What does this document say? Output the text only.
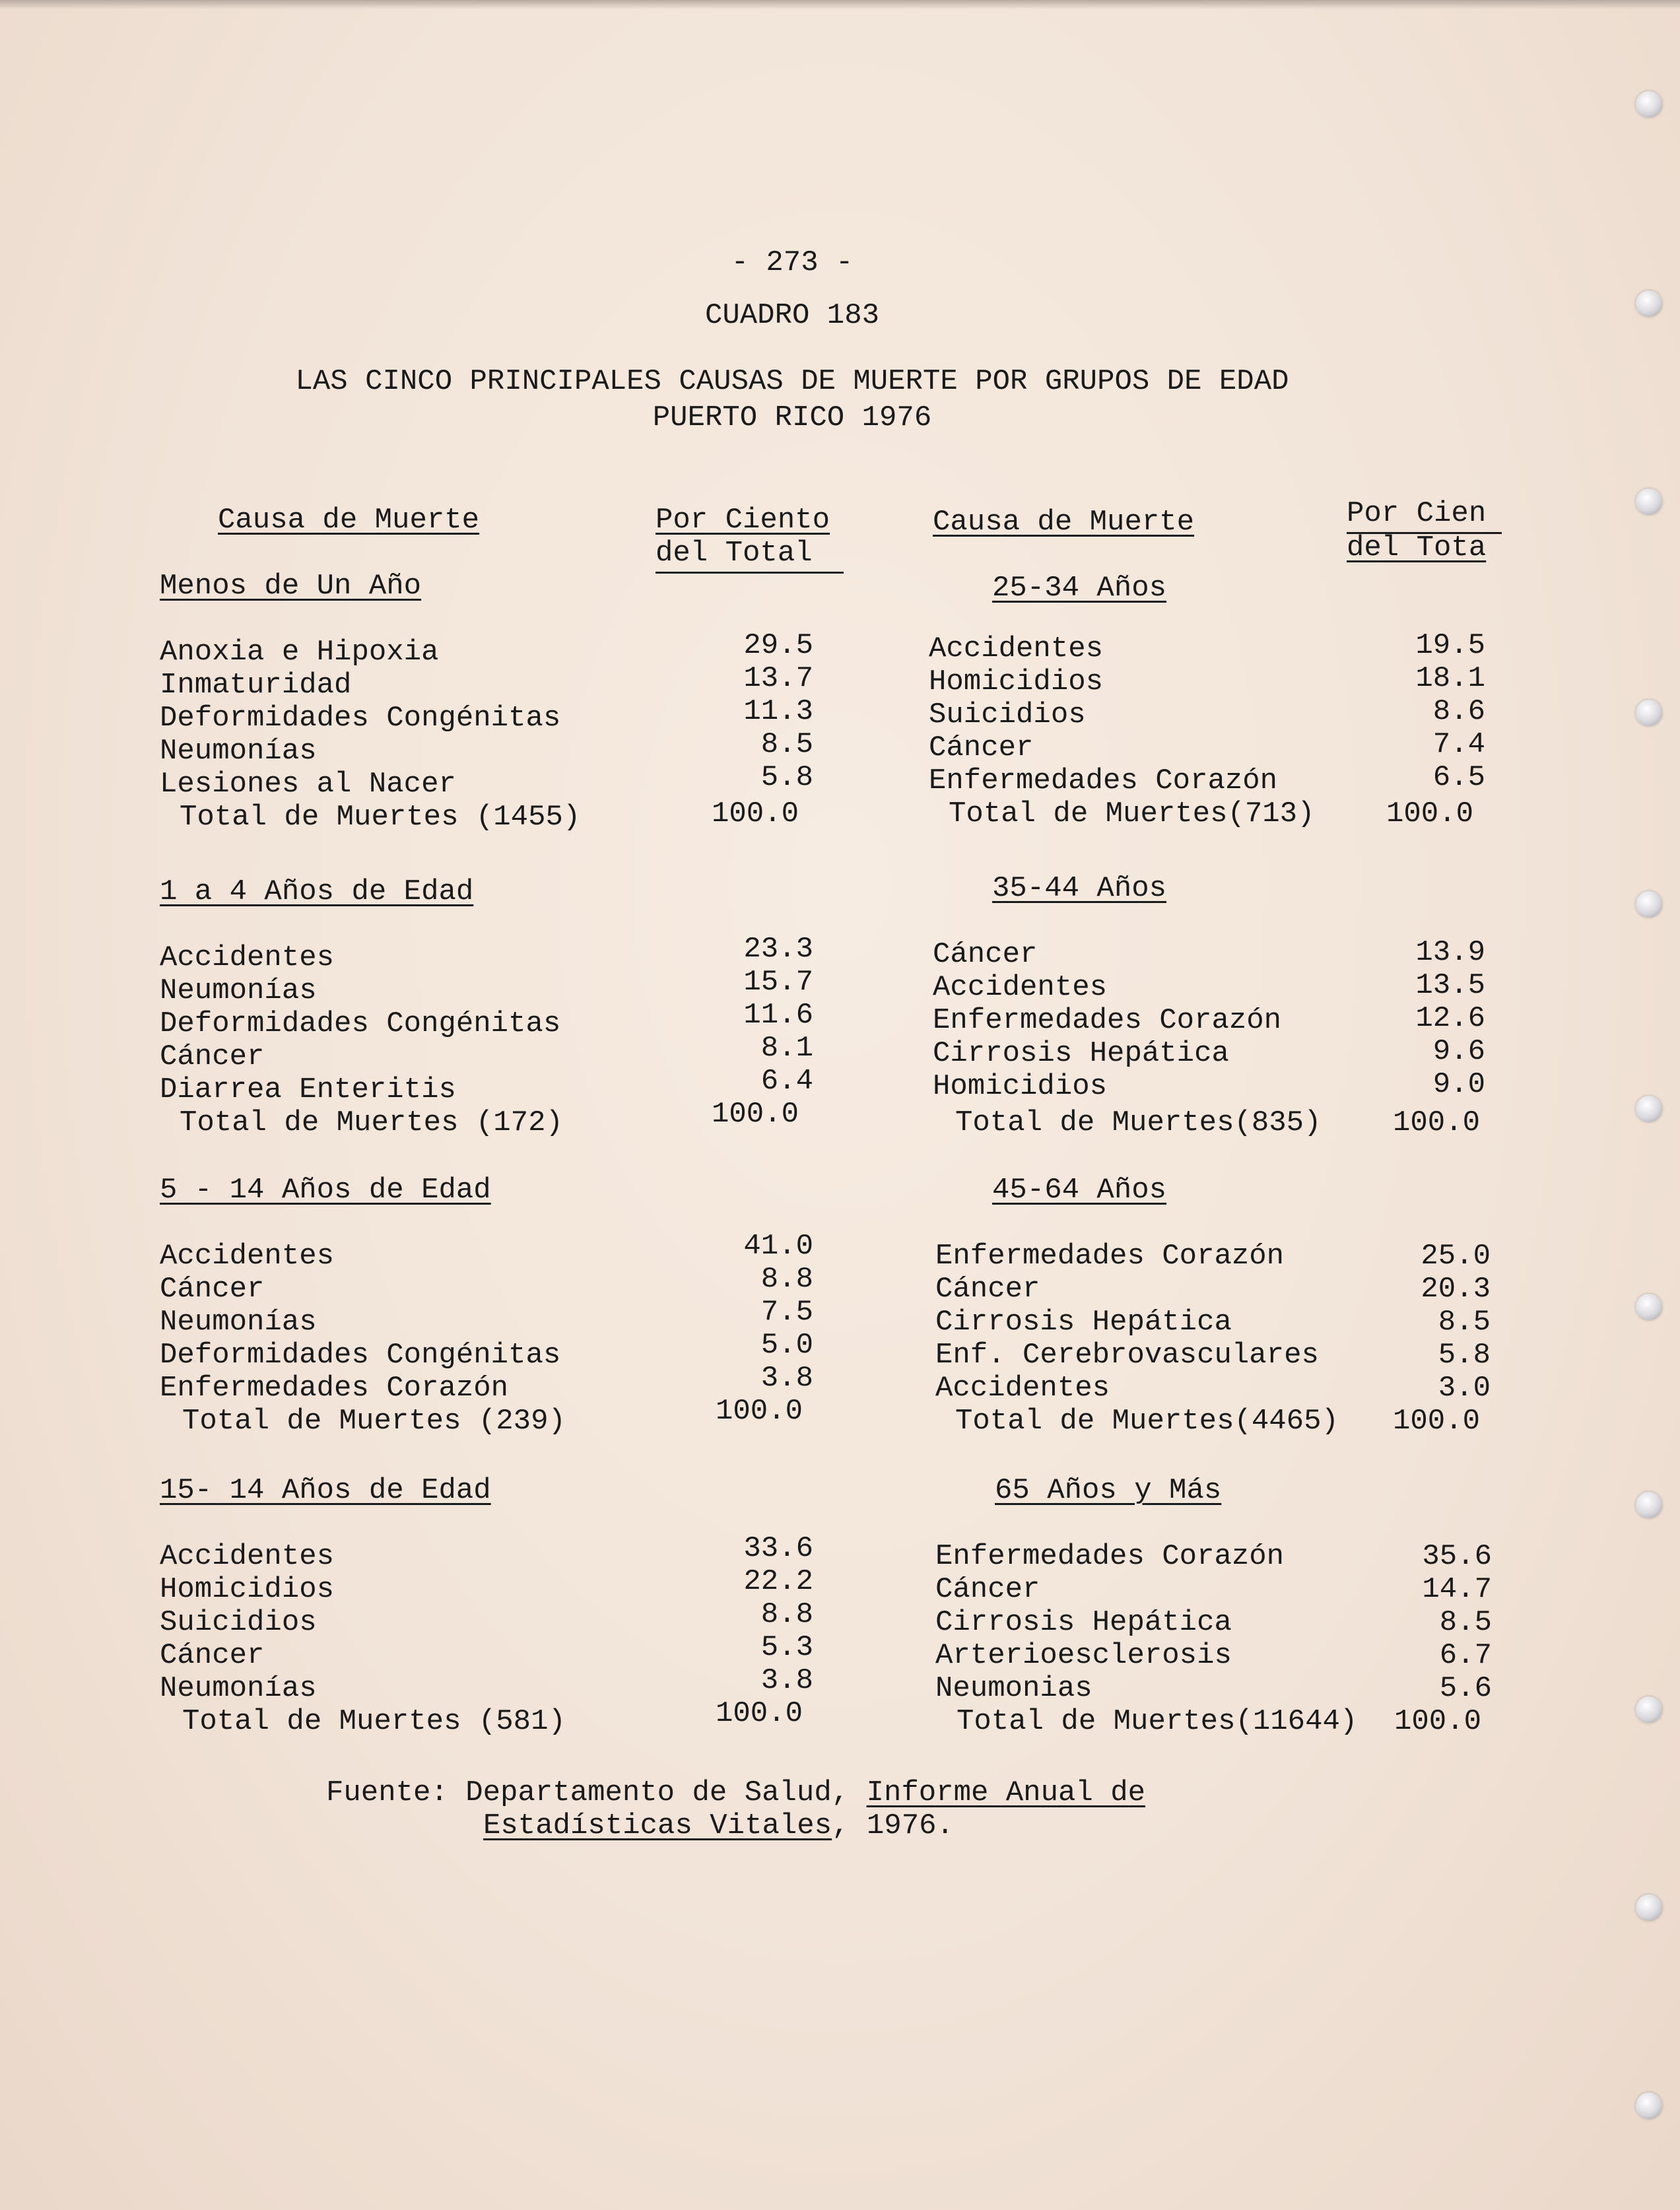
- 273 -
CUADRO 183
LAS CINCO PRINCIPALES CAUSAS DE MUERTE POR GRUPOS DE EDAD
PUERTO RICO 1976
Causa de Muerte	Por Ciento
del Total
Causa de Muerte	Por Cien
del Tota
Menos de Un Año
Anoxia e Hipoxia	29.5
Inmaturidad	13.7
Deformidades Congénitas	11.3
Neumonías	8.5
Lesiones al Nacer	5.8
Total de Muertes (1455)	100.0
1 a 4 Años de Edad
Accidentes	23.3
Neumonías	15.7
Deformidades Congénitas	11.6
Cáncer	8.1
Diarrea Enteritis	6.4
Total de Muertes (172)	100.0
5 - 14 Años de Edad
Accidentes	41.0
Cáncer	8.8
Neumonías	7.5
Deformidades Congénitas	5.0
Enfermedades Corazón	3.8
Total de Muertes (239)	100.0
15- 14 Años de Edad
Accidentes	33.6
Homicidios	22.2
Suicidios	8.8
Cáncer	5.3
Neumonías	3.8
Total de Muertes (581)	100.0
25-34 Años
Accidentes	19.5
Homicidios	18.1
Suicidios	8.6
Cáncer	7.4
Enfermedades Corazón	6.5
Total de Muertes(713) 100.0
35-44 Años
Cáncer	13.9
Accidentes	13.5
Enfermedades Corazón	12.6
Cirrosis Hepática	9.6
Homicidios	9.0
Total de Muertes(835) 100.0
45-64 Años
Enfermedades Corazón	25.0
Cáncer	20.3
Cirrosis Hepática	8.5
Enf. Cerebrovasculares	5.8
Accidentes	3.0
Total de Muertes(4465) 100.0
65 Años y Más
Enfermedades Corazón	35.6
Cáncer	14.7
Cirrosis Hepática	8.5
Arterioesclerosis	6.7
Neumonias	5.6
Total de Muertes(11644) 100.0
Fuente: Departamento de Salud, Informe Anual de
Estadísticas Vitales, 1976.
